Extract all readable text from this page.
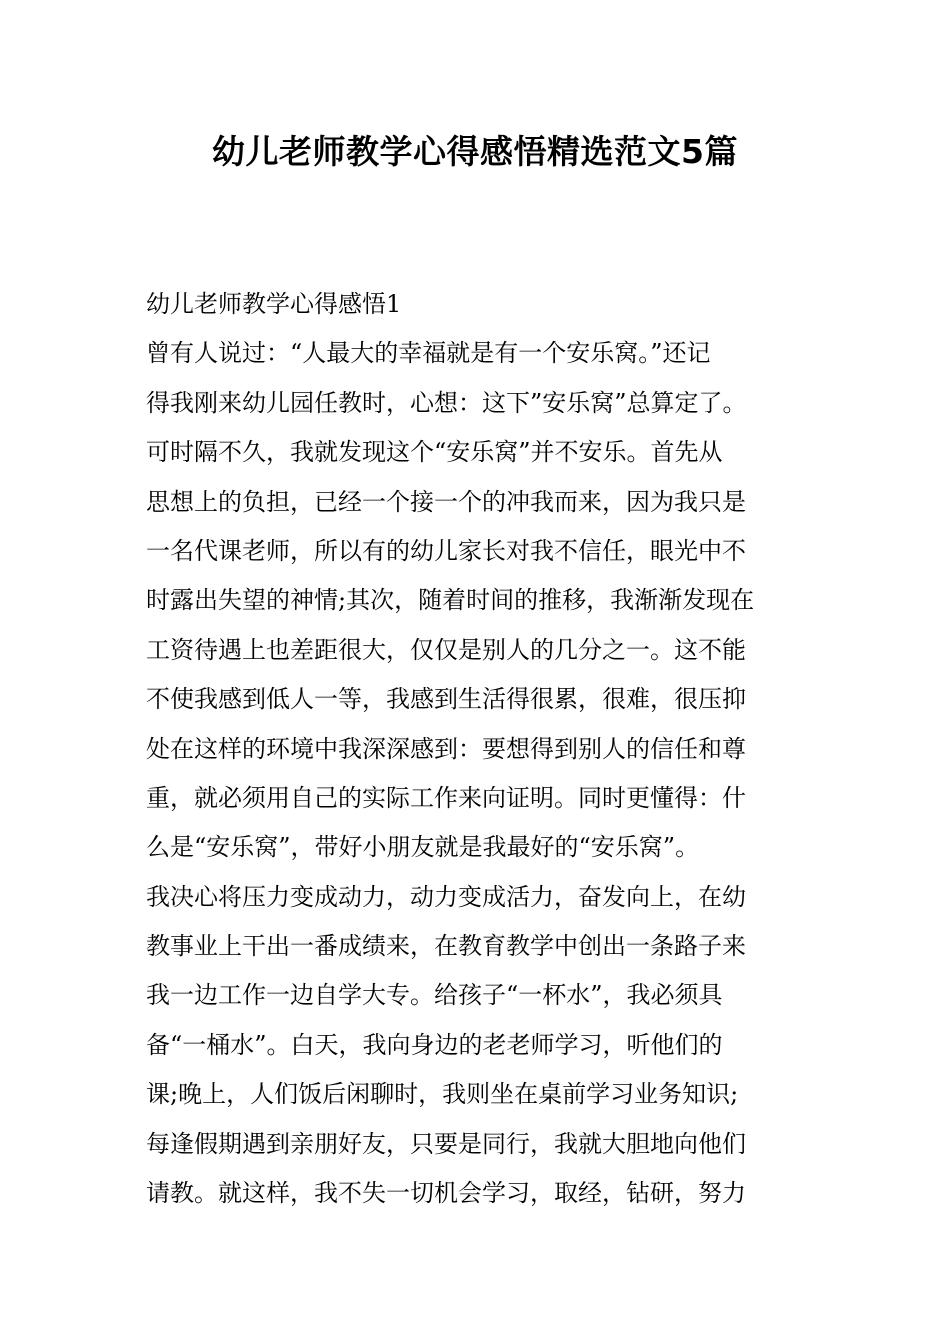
幼儿老师教学心得感悟精选范文5篇

幼儿老师教学心得感悟1

曾有人说过：“人最大的幸福就是有一个安乐窝。”还记

得我刚来幼儿园任教时，心想：这下”安乐窝”总算定了。

可时隔不久，我就发现这个“安乐窝”并不安乐。首先从

思想上的负担，已经一个接一个的冲我而来，因为我只是

一名代课老师，所以有的幼儿家长对我不信任，眼光中不

时露出失望的神情;其次，随着时间的推移，我渐渐发现在

工资待遇上也差距很大，仅仅是别人的几分之一。这不能

不使我感到低人一等，我感到生活得很累，很难，很压抑

处在这样的环境中我深深感到：要想得到别人的信任和尊

重，就必须用自己的实际工作来向证明。同时更懂得：什

么是“安乐窝”，带好小朋友就是我最好的“安乐窝”。

我决心将压力变成动力，动力变成活力，奋发向上，在幼

教事业上干出一番成绩来，在教育教学中创出一条路子来

我一边工作一边自学大专。给孩子“一杯水”，我必须具

备“一桶水”。白天，我向身边的老老师学习，听他们的

课;晚上，人们饭后闲聊时，我则坐在桌前学习业务知识;

每逢假期遇到亲朋好友，只要是同行，我就大胆地向他们

请教。就这样，我不失一切机会学习，取经，钻研，努力
